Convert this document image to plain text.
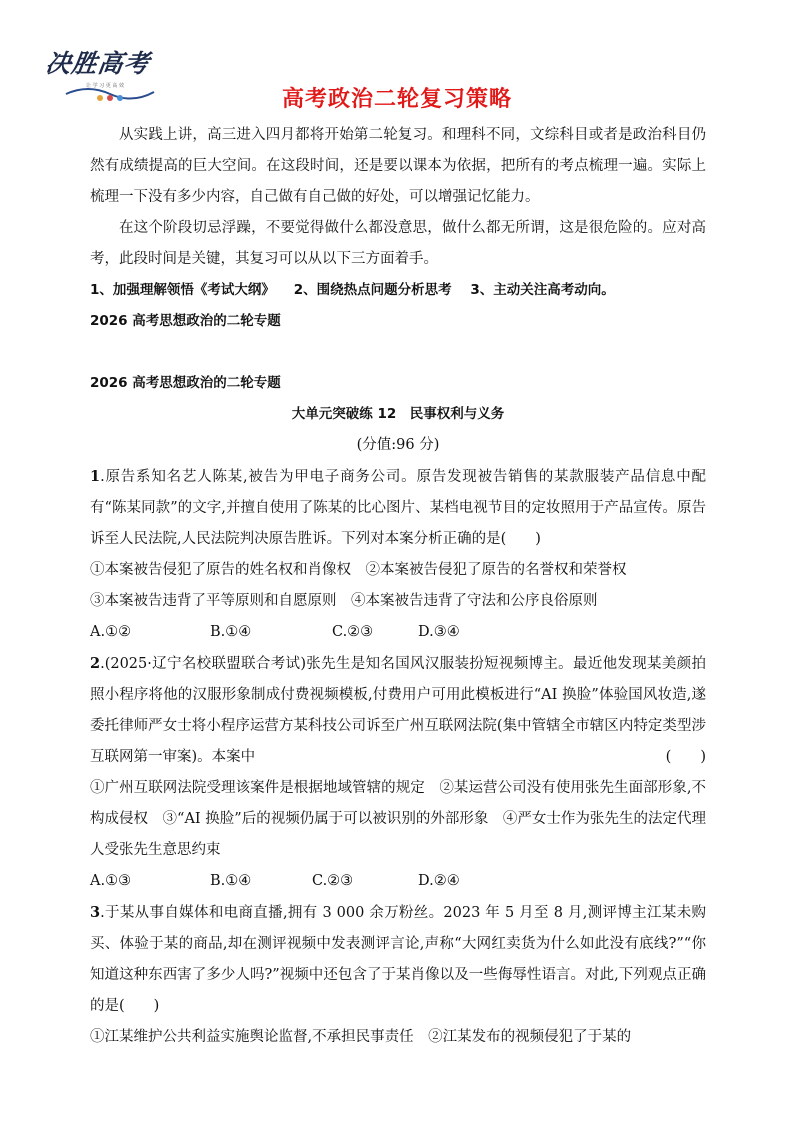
决胜高考
让 学 习 更 高 效
高考政治二轮复习策略

从实践上讲，高三进入四月都将开始第二轮复习。和理科不同，文综科目或者是政治科目仍然有成绩提高的巨大空间。在这段时间，还是要以课本为依据，把所有的考点梳理一遍。实际上梳理一下没有多少内容，自己做有自己做的好处，可以增强记忆能力。

在这个阶段切忌浮躁，不要觉得做什么都没意思，做什么都无所谓，这是很危险的。应对高考，此段时间是关键，其复习可以从以下三方面着手。

1、加强理解领悟《考试大纲》    2、围绕热点问题分析思考    3、主动关注高考动向。

2026 高考思想政治的二轮专题

2026 高考思想政治的二轮专题

大单元突破练 12　民事权利与义务

(分值:96 分)

1.原告系知名艺人陈某,被告为甲电子商务公司。原告发现被告销售的某款服装产品信息中配有“陈某同款”的文字,并擅自使用了陈某的比心图片、某档电视节目的定妆照用于产品宣传。原告诉至人民法院,人民法院判决原告胜诉。下列对本案分析正确的是(　　)

①本案被告侵犯了原告的姓名权和肖像权　②本案被告侵犯了原告的名誉权和荣誉权

③本案被告违背了平等原则和自愿原则　④本案被告违背了守法和公序良俗原则

A.①②	B.①④	C.②③	D.③④

2.(2025·辽宁名校联盟联合考试)张先生是知名国风汉服装扮短视频博主。最近他发现某美颜拍照小程序将他的汉服形象制成付费视频模板,付费用户可用此模板进行“AI 换脸”体验国风妆造,遂委托律师严女士将小程序运营方某科技公司诉至广州互联网法院(集中管辖全市辖区内特定类型涉互联网第一审案)。本案中	(　　)

①广州互联网法院受理该案件是根据地域管辖的规定　②某运营公司没有使用张先生面部形象,不构成侵权　③“AI 换脸”后的视频仍属于可以被识别的外部形象　④严女士作为张先生的法定代理人受张先生意思约束

A.①③	B.①④	C.②③	D.②④

3.于某从事自媒体和电商直播,拥有 3 000 余万粉丝。2023 年 5 月至 8 月,测评博主江某未购买、体验于某的商品,却在测评视频中发表测评言论,声称“大网红卖货为什么如此没有底线?”“你知道这种东西害了多少人吗?”视频中还包含了于某肖像以及一些侮辱性语言。对此,下列观点正确的是(　　)

①江某维护公共利益实施舆论监督,不承担民事责任　②江某发布的视频侵犯了于某的
